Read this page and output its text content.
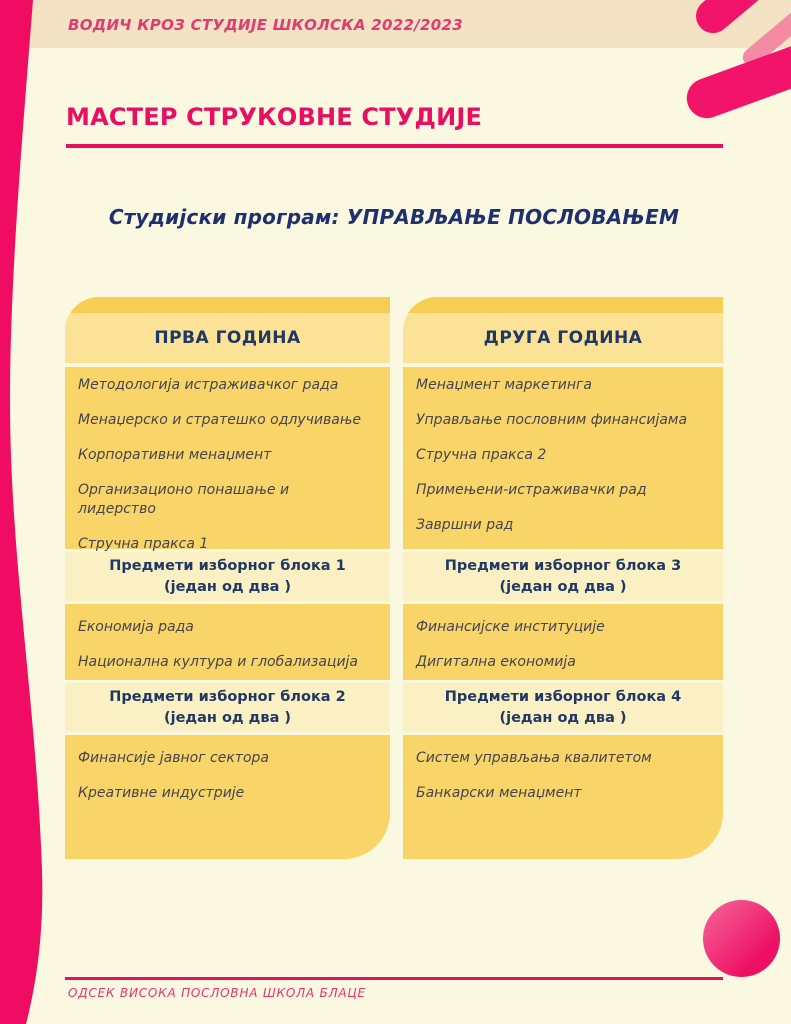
ВОДИЧ КРОЗ СТУДИЈЕ ШКОЛСКА 2022/2023
МАСТЕР СТРУКОВНЕ СТУДИЈЕ
Студијски програм: УПРАВЉАЊЕ ПОСЛОВАЊЕМ
ПРВА ГОДИНА
Методологија истраживачког рада
Менаџерско и стратешко одлучивање
Корпоративни менаџмент
Организационо понашање и лидерство
Стручна пракса 1
Предмети изборног блока 1
(један од два )
Економија рада
Национална култура и глобализација
Предмети изборног блока 2
(један од два )
Финансије јавног сектора
Креативне индустрије
ДРУГА ГОДИНА
Менаџмент маркетинга
Управљање пословним финансијама
Стручна пракса 2
Примењени-истраживачки рад
Завршни рад
Предмети изборног блока 3
(један од два )
Финансијске институције
Дигитална економија
Предмети изборног блока 4
(један од два )
Систем управљања квалитетом
Банкарски менаџмент
ОДСЕК ВИСОКА ПОСЛОВНА ШКОЛА БЛАЦЕ
